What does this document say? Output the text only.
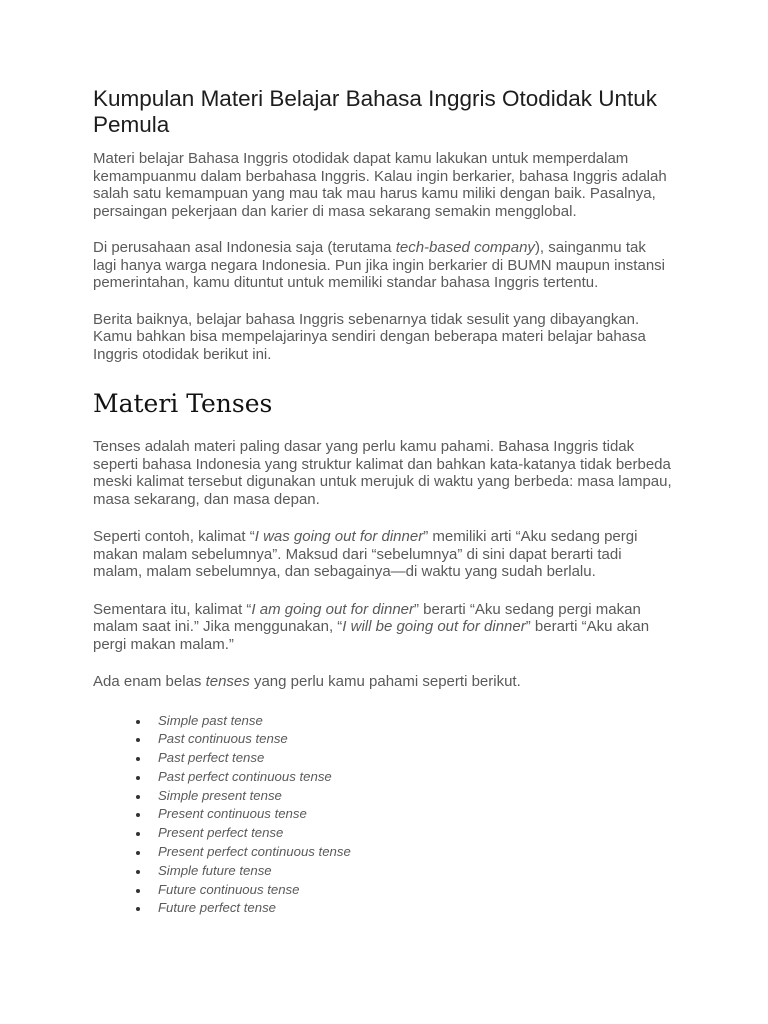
Kumpulan Materi Belajar Bahasa Inggris Otodidak Untuk Pemula

Materi belajar Bahasa Inggris otodidak dapat kamu lakukan untuk memperdalam kemampuanmu dalam berbahasa Inggris. Kalau ingin berkarier, bahasa Inggris adalah salah satu kemampuan yang mau tak mau harus kamu miliki dengan baik. Pasalnya, persaingan pekerjaan dan karier di masa sekarang semakin mengglobal.

Di perusahaan asal Indonesia saja (terutama tech-based company), sainganmu tak lagi hanya warga negara Indonesia. Pun jika ingin berkarier di BUMN maupun instansi pemerintahan, kamu dituntut untuk memiliki standar bahasa Inggris tertentu.

Berita baiknya, belajar bahasa Inggris sebenarnya tidak sesulit yang dibayangkan. Kamu bahkan bisa mempelajarinya sendiri dengan beberapa materi belajar bahasa Inggris otodidak berikut ini.

Materi Tenses

Tenses adalah materi paling dasar yang perlu kamu pahami. Bahasa Inggris tidak seperti bahasa Indonesia yang struktur kalimat dan bahkan kata-katanya tidak berbeda meski kalimat tersebut digunakan untuk merujuk di waktu yang berbeda: masa lampau, masa sekarang, dan masa depan.

Seperti contoh, kalimat “I was going out for dinner” memiliki arti “Aku sedang pergi makan malam sebelumnya”. Maksud dari “sebelumnya” di sini dapat berarti tadi malam, malam sebelumnya, dan sebagainya—di waktu yang sudah berlalu.

Sementara itu, kalimat “I am going out for dinner” berarti “Aku sedang pergi makan malam saat ini.” Jika menggunakan, “I will be going out for dinner” berarti “Aku akan pergi makan malam.”

Ada enam belas tenses yang perlu kamu pahami seperti berikut.

Simple past tense
Past continuous tense
Past perfect tense
Past perfect continuous tense
Simple present tense
Present continuous tense
Present perfect tense
Present perfect continuous tense
Simple future tense
Future continuous tense
Future perfect tense
